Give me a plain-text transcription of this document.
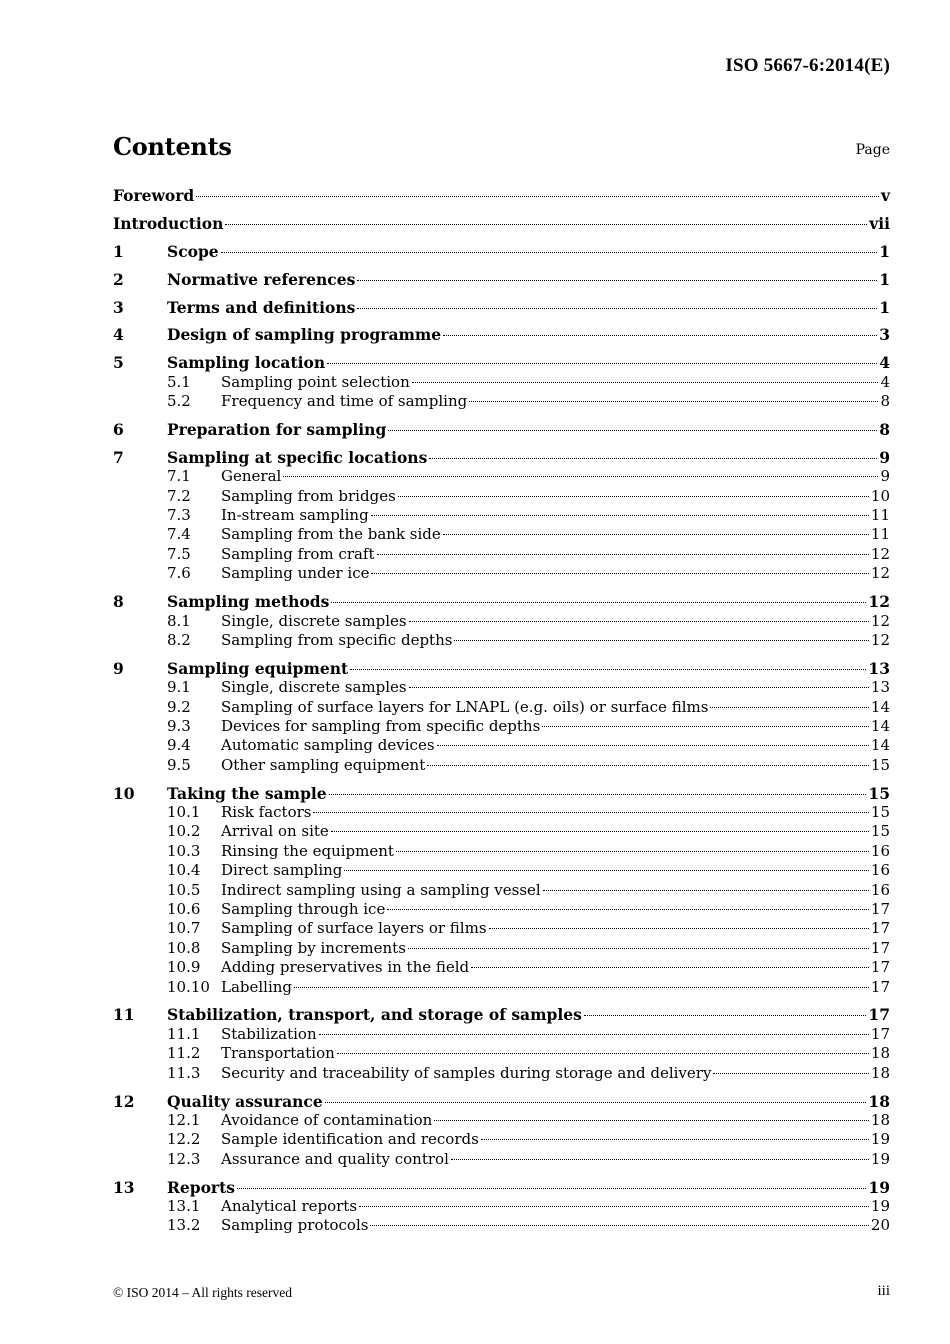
ISO 5667-6:2014(E)
Contents	Page
Foreword	v
Introduction	vii
1	Scope	1
2	Normative references	1
3	Terms and definitions	1
4	Design of sampling programme	3
5	Sampling location	4
5.1	Sampling point selection	4
5.2	Frequency and time of sampling	8
6	Preparation for sampling	8
7	Sampling at specific locations	9
7.1	General	9
7.2	Sampling from bridges	10
7.3	In-stream sampling	11
7.4	Sampling from the bank side	11
7.5	Sampling from craft	12
7.6	Sampling under ice	12
8	Sampling methods	12
8.1	Single, discrete samples	12
8.2	Sampling from specific depths	12
9	Sampling equipment	13
9.1	Single, discrete samples	13
9.2	Sampling of surface layers for LNAPL (e.g. oils) or surface films	14
9.3	Devices for sampling from specific depths	14
9.4	Automatic sampling devices	14
9.5	Other sampling equipment	15
10	Taking the sample	15
10.1	Risk factors	15
10.2	Arrival on site	15
10.3	Rinsing the equipment	16
10.4	Direct sampling	16
10.5	Indirect sampling using a sampling vessel	16
10.6	Sampling through ice	17
10.7	Sampling of surface layers or films	17
10.8	Sampling by increments	17
10.9	Adding preservatives in the field	17
10.10 Labelling	17
11	Stabilization, transport, and storage of samples	17
11.1	Stabilization	17
11.2	Transportation	18
11.3	Security and traceability of samples during storage and delivery	18
12	Quality assurance	18
12.1	Avoidance of contamination	18
12.2	Sample identification and records	19
12.3	Assurance and quality control	19
13	Reports	19
13.1	Analytical reports	19
13.2	Sampling protocols	20
© ISO 2014 – All rights reserved	iii
